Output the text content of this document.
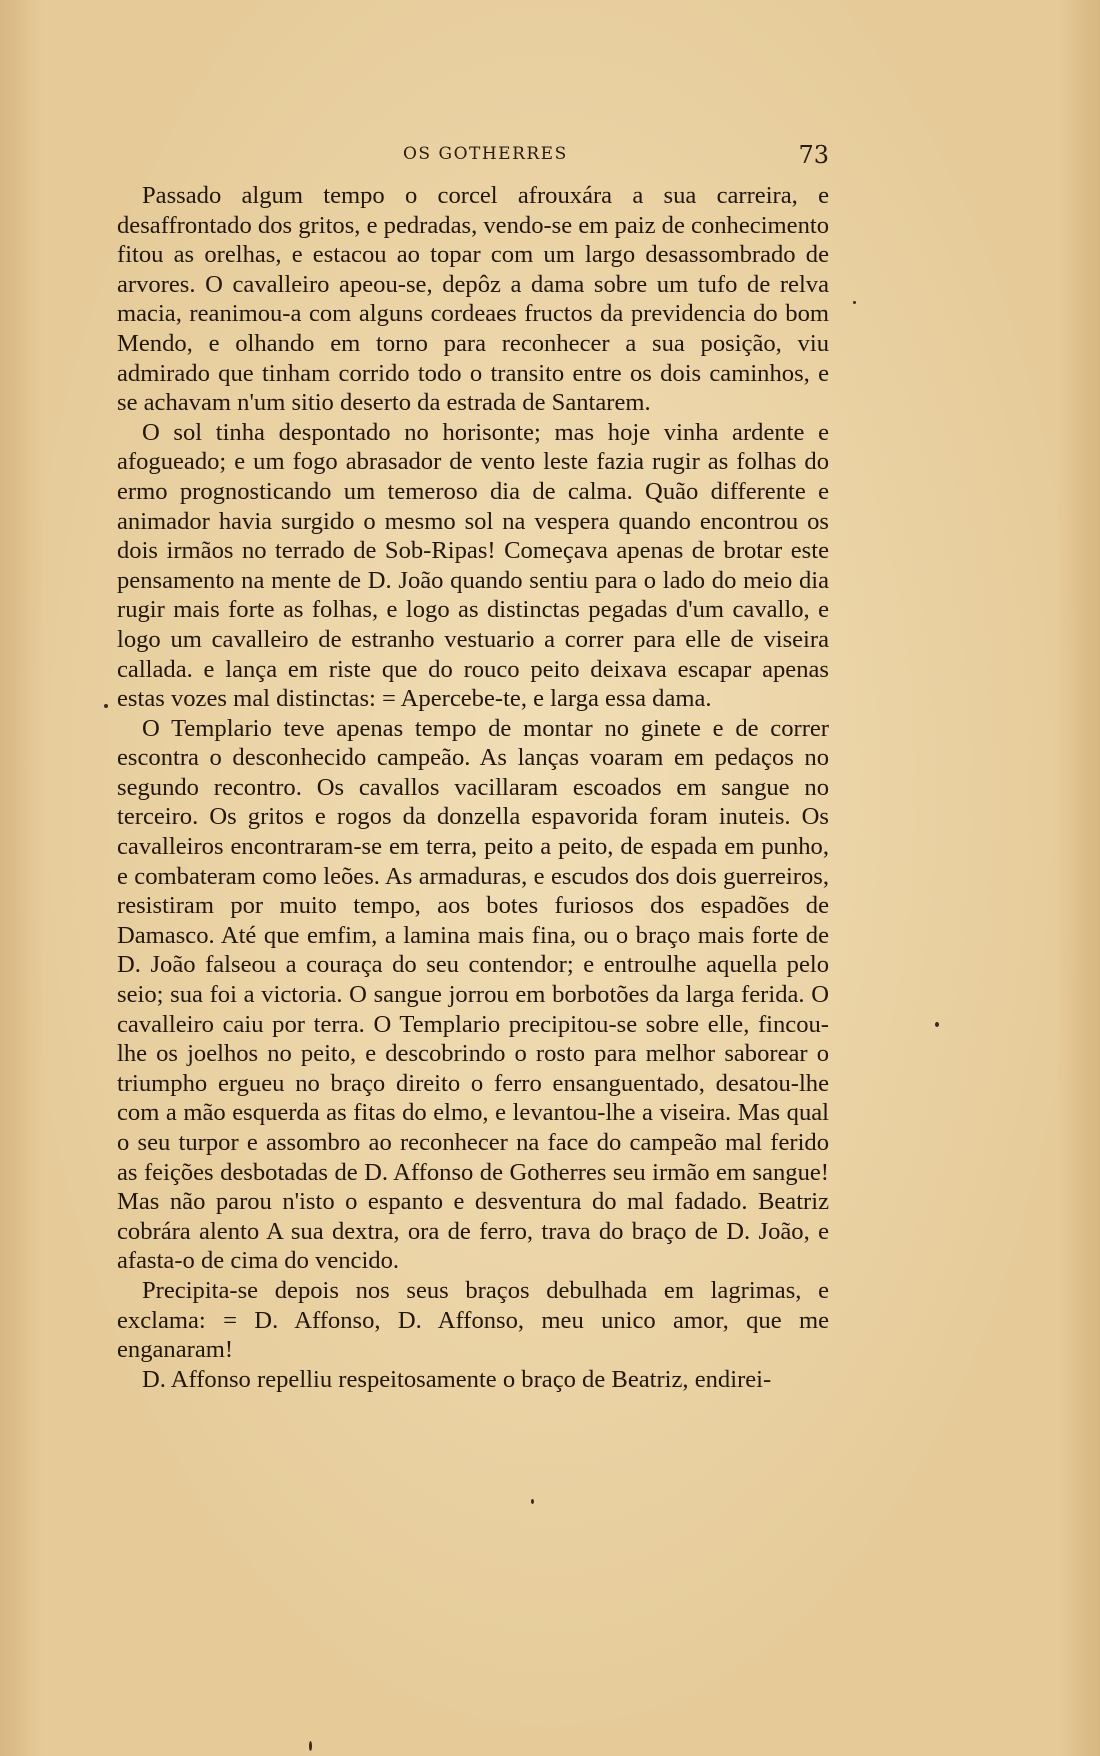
OS GOTHERRES	73

Passado algum tempo o corcel afrouxára a sua carreira, e desaffrontado dos gritos, e pedradas, vendo-se em paiz de conhecimento fitou as orelhas, e estacou ao topar com um largo desassombrado de arvores. O cavalleiro apeou-se, depôz a dama sobre um tufo de relva macia, reanimou-a com alguns cordeaes fructos da previdencia do bom Mendo, e olhando em torno para reconhecer a sua posição, viu admirado que tinham corrido todo o transito entre os dois caminhos, e se achavam n'um sitio deserto da estrada de Santarem.

O sol tinha despontado no horisonte; mas hoje vinha ardente e afogueado; e um fogo abrasador de vento leste fazia rugir as folhas do ermo prognosticando um temeroso dia de calma. Quão differente e animador havia surgido o mesmo sol na vespera quando encontrou os dois irmãos no terrado de Sob-Ripas! Começava apenas de brotar este pensamento na mente de D. João quando sentiu para o lado do meio dia rugir mais forte as folhas, e logo as distinctas pegadas d'um cavallo, e logo um cavalleiro de estranho vestuario a correr para elle de viseira callada. e lança em riste que do rouco peito deixava escapar apenas estas vozes mal distinctas: = Apercebe-te, e larga essa dama.

O Templario teve apenas tempo de montar no ginete e de correr escontra o desconhecido campeão. As lanças voaram em pedaços no segundo recontro. Os cavallos vacillaram escoados em sangue no terceiro. Os gritos e rogos da donzella espavorida foram inuteis. Os cavalleiros encontraram-se em terra, peito a peito, de espada em punho, e combateram como leões. As armaduras, e escudos dos dois guerreiros, resistiram por muito tempo, aos botes furiosos dos espadões de Damasco. Até que emfim, a lamina mais fina, ou o braço mais forte de D. João falseou a couraça do seu contendor; e entroulhe aquella pelo seio; sua foi a victoria. O sangue jorrou em borbotões da larga ferida. O cavalleiro caiu por terra. O Templario precipitou-se sobre elle, fincou-lhe os joelhos no peito, e descobrindo o rosto para melhor saborear o triumpho ergueu no braço direito o ferro ensanguentado, desatou-lhe com a mão esquerda as fitas do elmo, e levantou-lhe a viseira. Mas qual o seu turpor e assombro ao reconhecer na face do campeão mal ferido as feições desbotadas de D. Affonso de Gotherres seu irmão em sangue! Mas não parou n'isto o espanto e desventura do mal fadado. Beatriz cobrára alento A sua dextra, ora de ferro, trava do braço de D. João, e afasta-o de cima do vencido.

Precipita-se depois nos seus braços debulhada em lagrimas, e exclama: = D. Affonso, D. Affonso, meu unico amor, que me enganaram!

D. Affonso repelliu respeitosamente o braço de Beatriz, endirei-
